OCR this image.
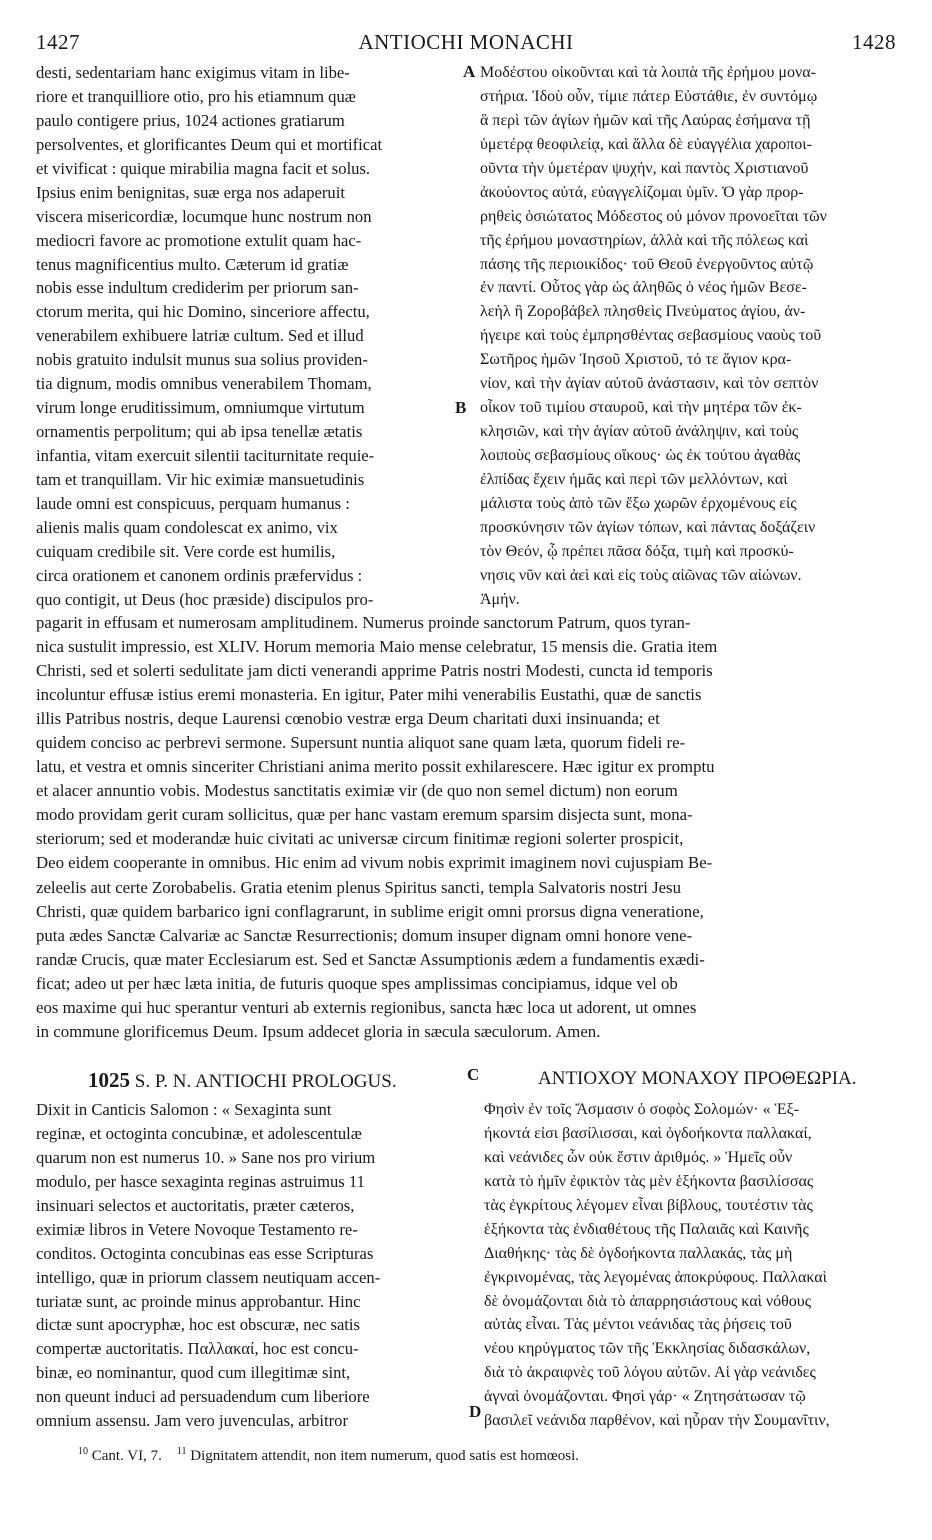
1427	ANTIOCHI MONACHI	1428
A
B
C
D
desti, sedentariam hanc exigimus vitam in libe-
riore et tranquilliore otio, pro his etiamnum quæ
paulo contigere prius, 1024 actiones gratiarum
persolventes, et glorificantes Deum qui et mortificat
et vivificat : quique mirabilia magna facit et solus.
Ipsius enim benignitas, suæ erga nos adaperuit
viscera misericordiæ, locumque hunc nostrum non
mediocri favore ac promotione extulit quam hac-
tenus magnificentius multo. Cæterum id gratiæ
nobis esse indultum crediderim per priorum san-
ctorum merita, qui hic Domino, sinceriore affectu,
venerabilem exhibuere latriæ cultum. Sed et illud
nobis gratuito indulsit munus sua solius providen-
tia dignum, modis omnibus venerabilem Thomam,
virum longe eruditissimum, omniumque virtutum
ornamentis perpolitum; qui ab ipsa tenellæ ætatis
infantia, vitam exercuit silentii taciturnitate requie-
tam et tranquillam. Vir hic eximiæ mansuetudinis
laude omni est conspicuus, perquam humanus :
alienis malis quam condolescat ex animo, vix
cuiquam credibile sit. Vere corde est humilis,
circa orationem et canonem ordinis præfervidus :
quo contigit, ut Deus (hoc præside) discipulos pro-
Μοδέστου οἰκοῦνται καὶ τὰ λοιπὰ τῆς ἐρήμου μονα-
στήρια. Ἰδοὺ οὖν, τίμιε πάτερ Εὐστάθιε, ἐν συντόμῳ
ἃ περὶ τῶν ἁγίων ἡμῶν καὶ τῆς Λαύρας ἐσήμανα τῇ
ὑμετέρᾳ θεοφιλείᾳ, καὶ ἄλλα δὲ εὐαγγέλια χαροποι-
οῦντα τὴν ὑμετέραν ψυχήν, καὶ παντὸς Χριστιανοῦ
ἀκούοντος αὐτά, εὐαγγελίζομαι ὑμῖν. Ὁ γὰρ προρ-
ρηθεὶς ὁσιώτατος Μόδεστος οὐ μόνον προνοεῖται τῶν
τῆς ἐρήμου μοναστηρίων, ἀλλὰ καὶ τῆς πόλεως καὶ
πάσης τῆς περιοικίδος· τοῦ Θεοῦ ἐνεργοῦντος αὐτῷ
ἐν παντί. Οὗτος γὰρ ὡς ἀληθῶς ὁ νέος ἡμῶν Βεσε-
λεὴλ ἢ Ζοροβάβελ πλησθεὶς Πνεύματος ἁγίου, ἀν-
ήγειρε καὶ τοὺς ἐμπρησθέντας σεβασμίους ναοὺς τοῦ
Σωτῆρος ἡμῶν Ἰησοῦ Χριστοῦ, τό τε ἅγιον κρα-
νίον, καὶ τὴν ἁγίαν αὐτοῦ ἀνάστασιν, καὶ τὸν σεπτὸν
οἶκον τοῦ τιμίου σταυροῦ, καὶ τὴν μητέρα τῶν ἐκ-
κλησιῶν, καὶ τὴν ἁγίαν αὐτοῦ ἀνάληψιν, καὶ τοὺς
λοιποὺς σεβασμίους οἴκους· ὡς ἐκ τούτου ἀγαθὰς
ἐλπίδας ἔχειν ἡμᾶς καὶ περὶ τῶν μελλόντων, καὶ
μάλιστα τοὺς ἀπὸ τῶν ἔξω χωρῶν ἐρχομένους εἰς
προσκύνησιν τῶν ἁγίων τόπων, καὶ πάντας δοξάζειν
τὸν Θεόν, ᾧ πρέπει πᾶσα δόξα, τιμὴ καὶ προσκύ-
νησις νῦν καὶ ἀεὶ καὶ εἰς τοὺς αἰῶνας τῶν αἰώνων.
Ἀμήν.
pagarit in effusam et numerosam amplitudinem. Numerus proinde sanctorum Patrum, quos tyran-
nica sustulit impressio, est XLIV. Horum memoria Maio mense celebratur, 15 mensis die. Gratia item
Christi, sed et solerti sedulitate jam dicti venerandi apprime Patris nostri Modesti, cuncta id temporis
incoluntur effusæ istius eremi monasteria. En igitur, Pater mihi venerabilis Eustathi, quæ de sanctis
illis Patribus nostris, deque Laurensi cœnobio vestræ erga Deum charitati duxi insinuanda; et
quidem conciso ac perbrevi sermone. Supersunt nuntia aliquot sane quam læta, quorum fideli re-
latu, et vestra et omnis sinceriter Christiani anima merito possit exhilarescere. Hæc igitur ex promptu
et alacer annuntio vobis. Modestus sanctitatis eximiæ vir (de quo non semel dictum) non eorum
modo providam gerit curam sollicitus, quæ per hanc vastam eremum sparsim disjecta sunt, mona-
steriorum; sed et moderandæ huic civitati ac universæ circum finitimæ regioni solerter prospicit,
Deo eidem cooperante in omnibus. Hic enim ad vivum nobis exprimit imaginem novi cujuspiam Be-
zeleelis aut certe Zorobabelis. Gratia etenim plenus Spiritus sancti, templa Salvatoris nostri Jesu
Christi, quæ quidem barbarico igni conflagrarunt, in sublime erigit omni prorsus digna veneratione,
puta ædes Sanctæ Calvariæ ac Sanctæ Resurrectionis; domum insuper dignam omni honore vene-
randæ Crucis, quæ mater Ecclesiarum est. Sed et Sanctæ Assumptionis ædem a fundamentis exædi-
ficat; adeo ut per hæc læta initia, de futuris quoque spes amplissimas concipiamus, idque vel ob
eos maxime qui huc sperantur venturi ab externis regionibus, sancta hæc loca ut adorent, ut omnes
in commune glorificemus Deum. Ipsum addecet gloria in sæcula sæculorum. Amen.
1025 S. P. N. ANTIOCHI PROLOGUS.	ΑΝΤΙΟΧΟΥ ΜΟΝΑΧΟΥ ΠΡΟΘΕΩΡΙΑ.
Dixit in Canticis Salomon : « Sexaginta sunt
reginæ, et octoginta concubinæ, et adolescentulæ
quarum non est numerus 10. » Sane nos pro virium
modulo, per hasce sexaginta reginas astruimus 11
insinuari selectos et auctoritatis, præter cæteros,
eximiæ libros in Vetere Novoque Testamento re-
conditos. Octoginta concubinas eas esse Scripturas
intelligo, quæ in priorum classem neutiquam accen-
turiatæ sunt, ac proinde minus approbantur. Hinc
dictæ sunt apocryphæ, hoc est obscuræ, nec satis
compertæ auctoritatis. Παλλακαί, hoc est concu-
binæ, eo nominantur, quod cum illegitimæ sint,
non queunt induci ad persuadendum cum liberiore
omnium assensu. Jam vero juvenculas, arbitror
Φησὶν ἐν τοῖς Ἄσμασιν ὁ σοφὸς Σολομών· « Ἑξ-
ήκοντά εἰσι βασίλισσαι, καὶ ὀγδοήκοντα παλλακαί,
καὶ νεάνιδες ὧν οὐκ ἔστιν ἀριθμός. » Ἡμεῖς οὖν
κατὰ τὸ ἡμῖν ἐφικτὸν τὰς μὲν ἑξήκοντα βασιλίσσας
τὰς ἐγκρίτους λέγομεν εἶναι βίβλους, τουτέστιν τὰς
ἑξήκοντα τὰς ἐνδιαθέτους τῆς Παλαιᾶς καὶ Καινῆς
Διαθήκης· τὰς δὲ ὀγδοήκοντα παλλακάς, τὰς μὴ
ἐγκρινομένας, τὰς λεγομένας ἀποκρύφους. Παλλακαὶ
δὲ ὀνομάζονται διὰ τὸ ἀπαρρησιάστους καὶ νόθους
αὐτὰς εἶναι. Τὰς μέντοι νεάνιδας τὰς ῥήσεις τοῦ
νέου κηρύγματος τῶν τῆς Ἐκκλησίας διδασκάλων,
διὰ τὸ ἀκραιφνὲς τοῦ λόγου αὐτῶν. Αἱ γὰρ νεάνιδες
ἁγναὶ ὀνομάζονται. Φησὶ γάρ· « Ζητησάτωσαν τῷ
βασιλεῖ νεάνιδα παρθένον, καὶ ηὗραν τὴν Σουμανῖτιν,
$^{10}$ Cant. VI, 7. $^{11}$ Dignitatem attendit, non item numerum, quod satis est homœosi.
